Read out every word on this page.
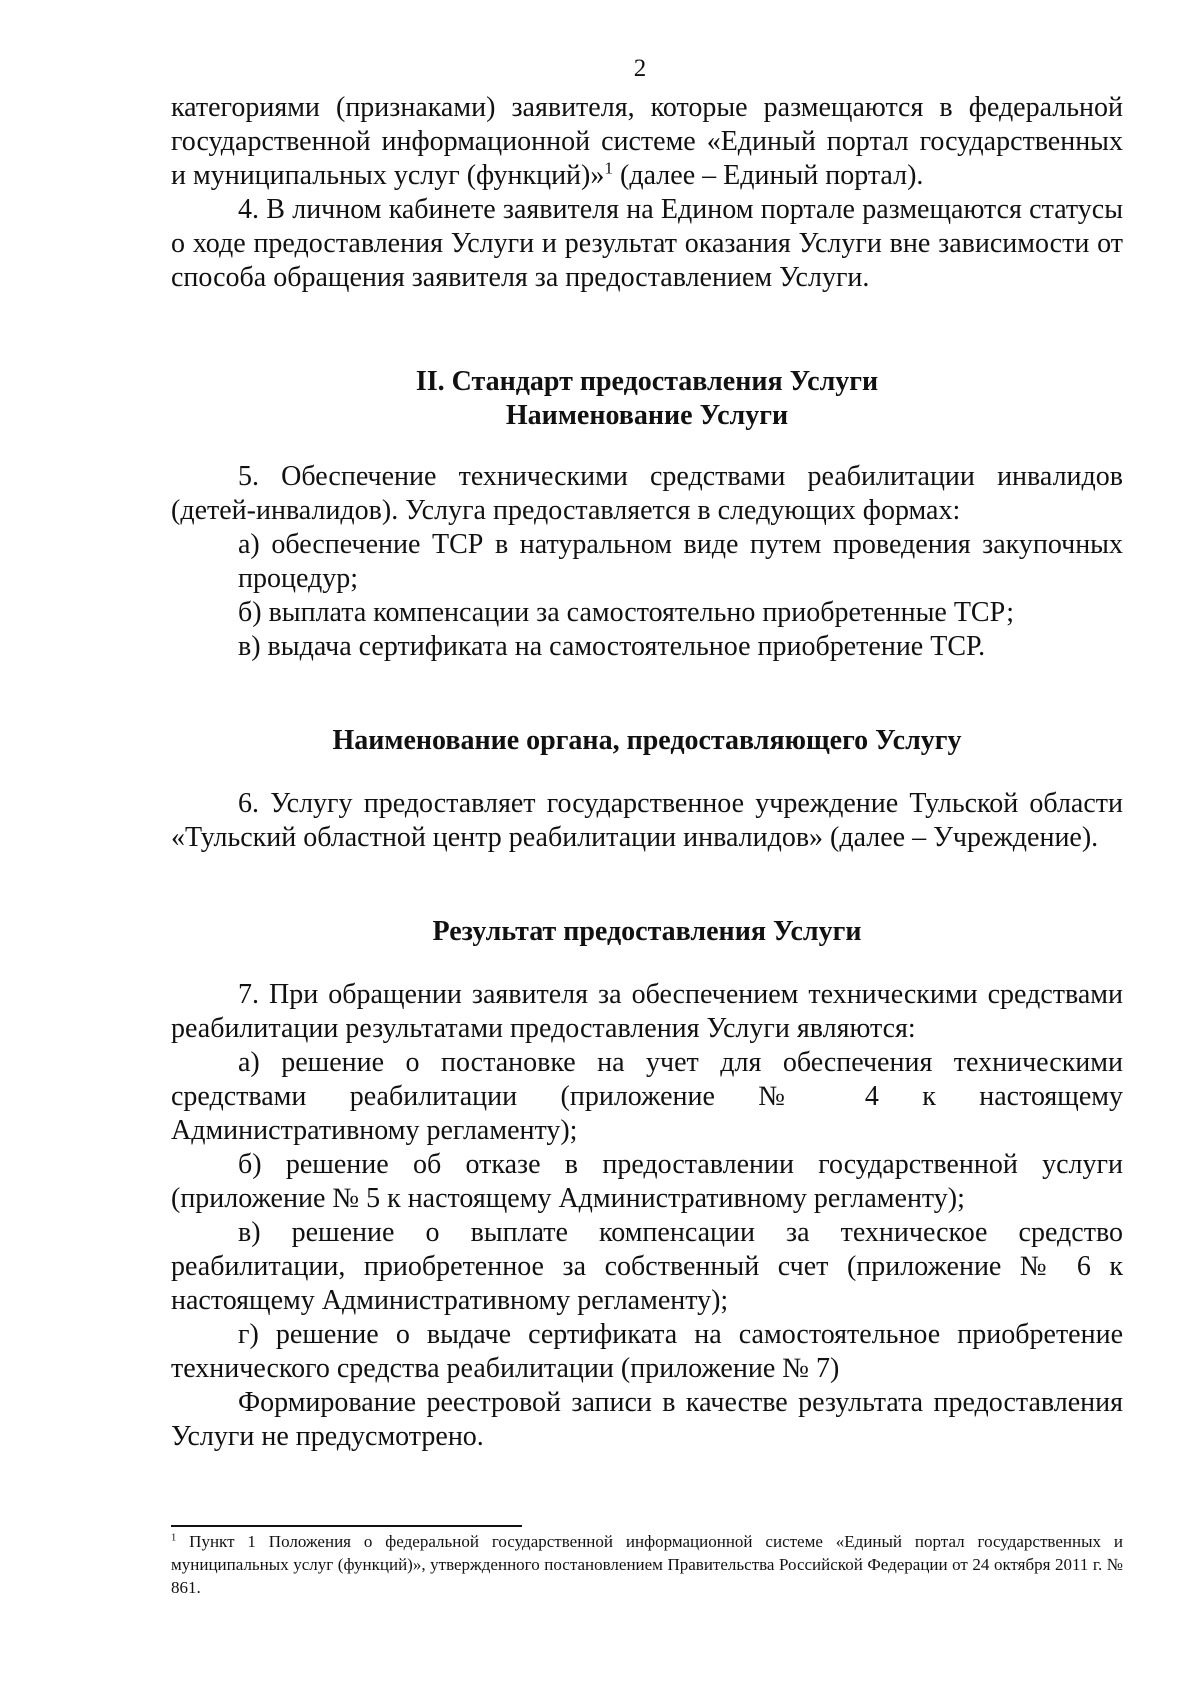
2

категориями (признаками) заявителя, которые размещаются в федеральной государственной информационной системе «Единый портал государственных и муниципальных услуг (функций)»$^1$ (далее – Единый портал).

4. В личном кабинете заявителя на Едином портале размещаются статусы о ходе предоставления Услуги и результат оказания Услуги вне зависимости от способа обращения заявителя за предоставлением Услуги.

II. Стандарт предоставления Услуги

Наименование Услуги

5. Обеспечение техническими средствами реабилитации инвалидов (детей-инвалидов). Услуга предоставляется в следующих формах:

а) обеспечение ТСР в натуральном виде путем проведения закупочных процедур;

б) выплата компенсации за самостоятельно приобретенные ТСР;

в) выдача сертификата на самостоятельное приобретение ТСР.

Наименование органа, предоставляющего Услугу

6. Услугу предоставляет государственное учреждение Тульской области «Тульский областной центр реабилитации инвалидов» (далее – Учреждение).

Результат предоставления Услуги

7. При обращении заявителя за обеспечением техническими средствами реабилитации результатами предоставления Услуги являются:

а) решение о постановке на учет для обеспечения техническими средствами реабилитации (приложение № 4 к настоящему Административному регламенту);

б) решение об отказе в предоставлении государственной услуги (приложение № 5 к настоящему Административному регламенту);

в) решение о выплате компенсации за техническое средство реабилитации, приобретенное за собственный счет (приложение № 6 к настоящему Административному регламенту);

г) решение о выдаче сертификата на самостоятельное приобретение технического средства реабилитации (приложение № 7)

Формирование реестровой записи в качестве результата предоставления Услуги не предусмотрено.

$^1$ Пункт 1 Положения о федеральной государственной информационной системе «Единый портал государственных и муниципальных услуг (функций)», утвержденного постановлением Правительства Российской Федерации от 24 октября 2011 г. № 861.
